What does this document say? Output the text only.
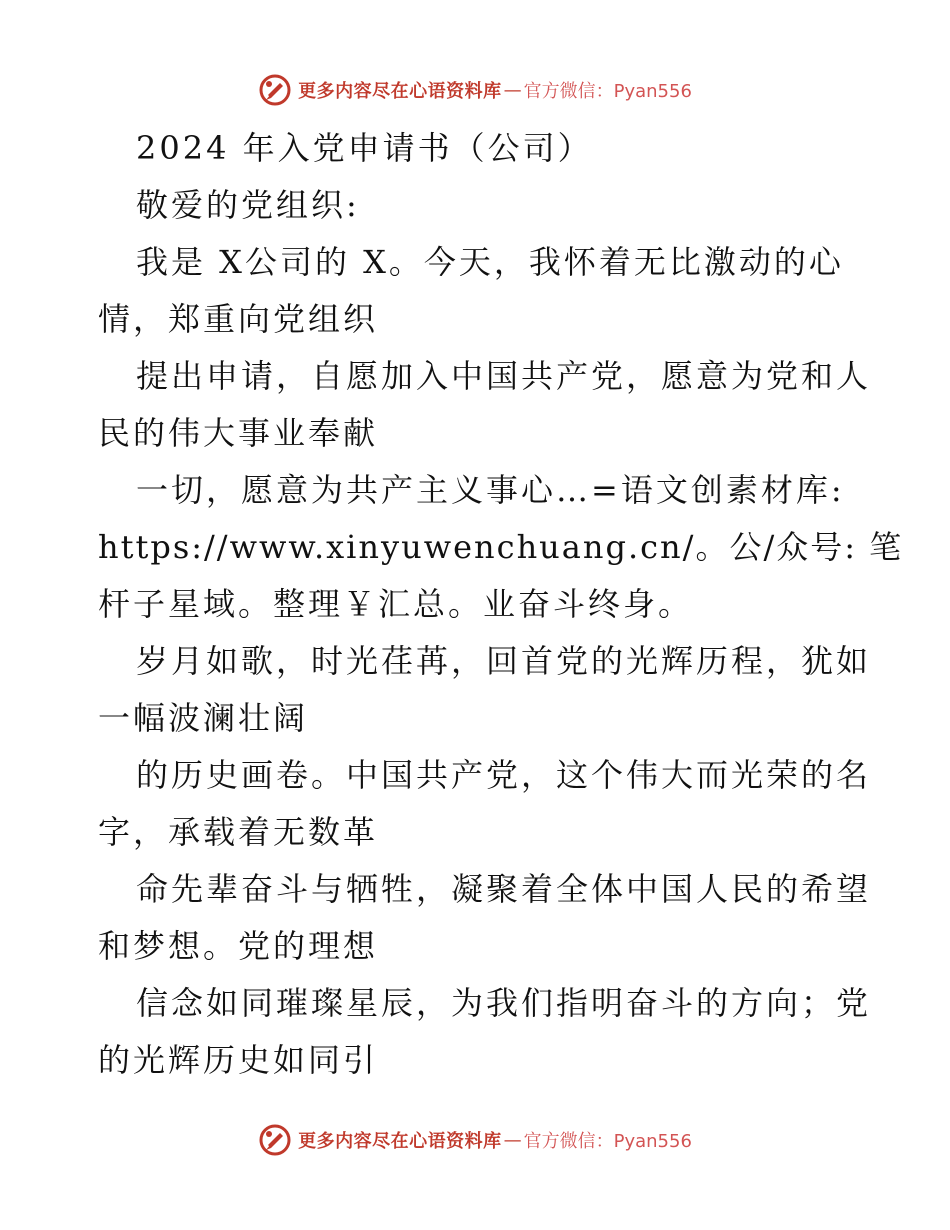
更多内容尽在心语资料库 — 官方微信：Pyan556
2024 年入党申请书（公司）
敬爱的党组织:
我是 X公司的 X。今天，我怀着无比激动的心
情，郑重向党组织
提出申请，自愿加入中国共产党，愿意为党和人
民的伟大事业奉献
一切，愿意为共产主义事心…=语文创素材库:
https://www.xinyuwenchuang.cn/。公/众号: 笔
杆子星域。整理￥汇总。业奋斗终身。
岁月如歌，时光荏苒，回首党的光辉历程，犹如
一幅波澜壮阔
的历史画卷。中国共产党，这个伟大而光荣的名
字，承载着无数革
命先辈奋斗与牺牲，凝聚着全体中国人民的希望
和梦想。党的理想
信念如同璀璨星辰，为我们指明奋斗的方向；党
的光辉历史如同引
更多内容尽在心语资料库 — 官方微信：Pyan556
